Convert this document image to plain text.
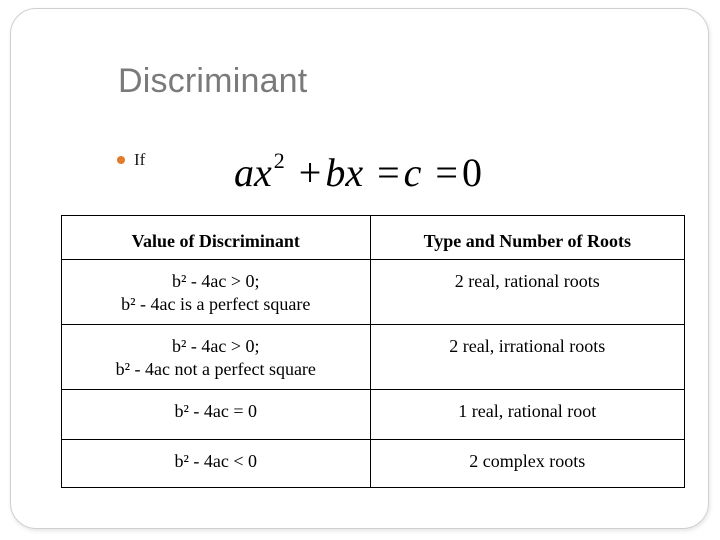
Discriminant
If $ax^2$ + bx = c = 0
Value of Discriminant	Type and Number of Roots

b² - 4ac > 0;
b² - 4ac is a perfect square	2 real, rational roots

b² - 4ac > 0;
b² - 4ac not a perfect square	2 real, irrational roots

b² - 4ac = 0	1 real, rational root

b² - 4ac < 0	2 complex roots
